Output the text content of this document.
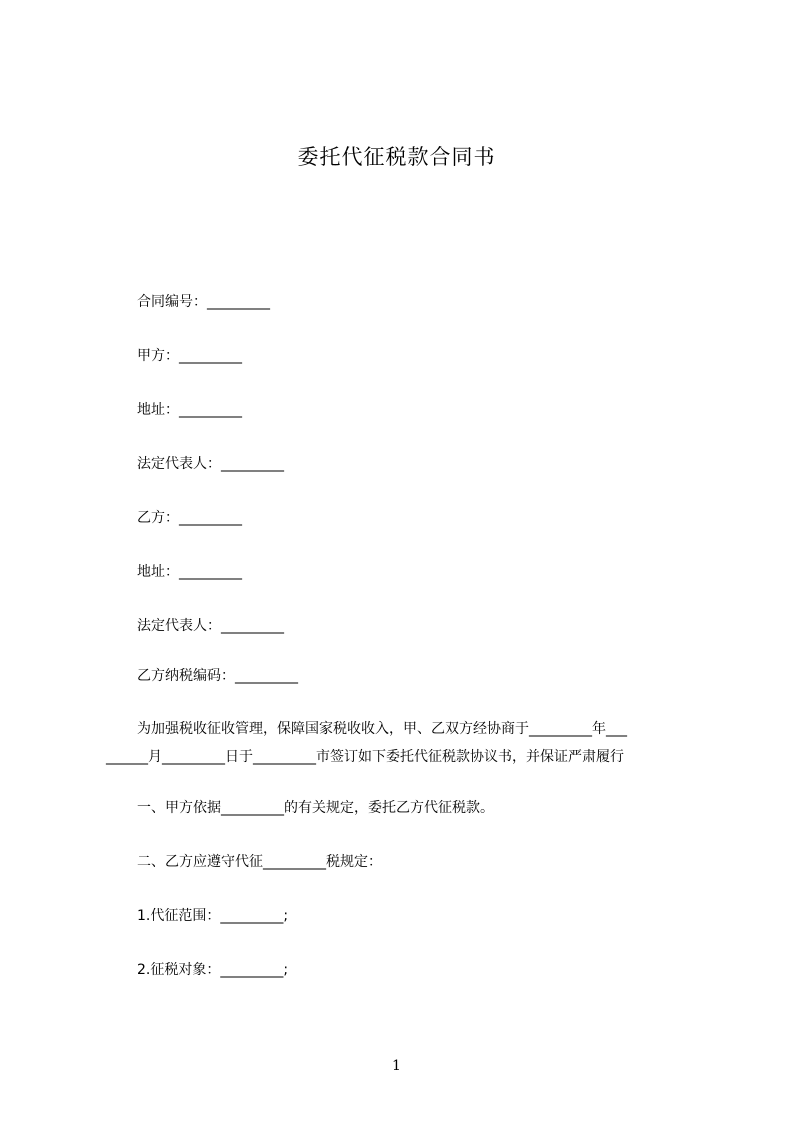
委托代征税款合同书
合同编号：_________
甲方：_________
地址：_________
法定代表人：_________
乙方：_________
地址：_________
法定代表人：_________
乙方纳税编码：_________
为加强税收征收管理，保障国家税收收入，甲、乙双方经协商于_________年___
______月_________日于_________市签订如下委托代征税款协议书，并保证严肃履行
一、甲方依据_________的有关规定，委托乙方代征税款。
二、乙方应遵守代征_________税规定：
1.代征范围：_________;
2.征税对象：_________;
1
